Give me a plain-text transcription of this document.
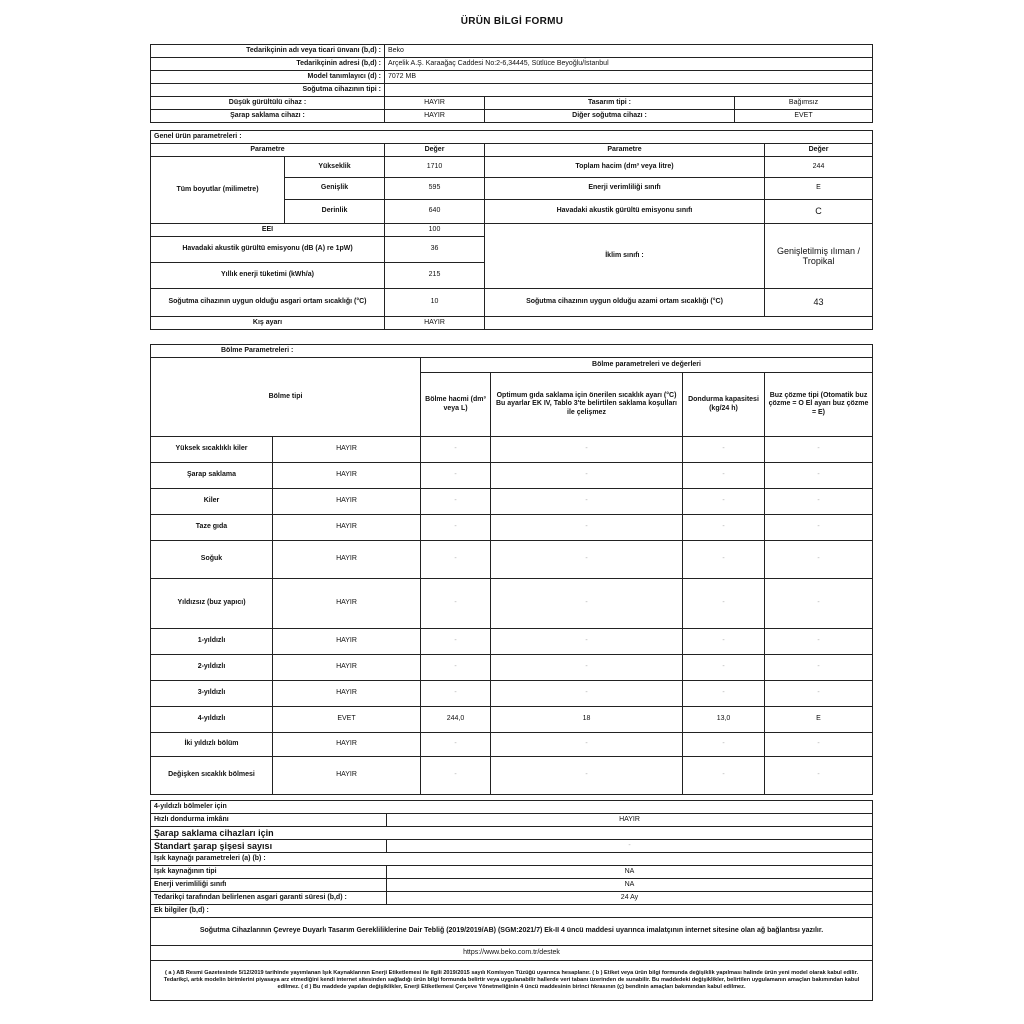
ÜRÜN BİLGİ FORMU
Tedarikçinin adı veya ticari ünvanı (b,d) :	Beko		
Tedarikçinin adresi (b,d) :	Arçelik A.Ş. Karaağaç Caddesi No:2-6,34445, Sütlüce Beyoğlu/İstanbul		
Model tanımlayıcı (d) :	7072 MB		
Soğutma cihazının tipi :			
Düşük gürültülü cihaz :	HAYIR	Tasarım tipi :	Bağımsız
Şarap saklama cihazı :	HAYIR	Diğer soğutma cihazı :	EVET
Genel ürün parametreleri :				
Parametre		Değer	Parametre	Değer
Tüm boyutlar (milimetre)	Yükseklik	1710	Toplam hacim (dm³ veya litre)	244
	Genişlik	595	Enerji verimliliği sınıfı	E
	Derinlik	640	Havadaki akustik gürültü emisyonu sınıfı	C
EEI		100	İklim sınıfı :	Genişletilmiş ılıman /
Tropikal
Havadaki akustik gürültü emisyonu (dB (A) re 1pW)		36		
Yıllık enerji tüketimi (kWh/a)		215		
Soğutma cihazının uygun olduğu asgari ortam sıcaklığı (°C)		10	Soğutma cihazının uygun olduğu azami ortam sıcaklığı (°C)	43
Kış ayarı		HAYIR		
Bölme Parametreleri :					
Bölme tipi		Bölme parametreleri ve değerleri			
		Bölme hacmi (dm³ veya L)	Optimum gıda saklama için önerilen sıcaklık ayarı (°C) Bu ayarlar EK IV, Tablo 3'te belirtilen saklama koşulları ile çelişmez	Dondurma kapasitesi (kg/24 h)	Buz çözme tipi (Otomatik buz çözme = O El ayarı buz çözme = E)
Yüksek sıcaklıklı kiler	HAYIR	-	-	-	-
Şarap saklama	HAYIR	-	-	-	-
Kiler	HAYIR	-	-	-	-
Taze gıda	HAYIR	-	-	-	-
Soğuk	HAYIR	-	-	-	-
Yıldızsız (buz yapıcı)	HAYIR	-	-	-	-
1-yıldızlı	HAYIR	-	-	-	-
2-yıldızlı	HAYIR	-	-	-	-
3-yıldızlı	HAYIR	-	-	-	-
4-yıldızlı	EVET	244,0	18	13,0	E
İki yıldızlı bölüm	HAYIR	-	-	-	-
Değişken sıcaklık bölmesi	HAYIR	-	-	-	-
4-yıldızlı bölmeler için	
Hızlı dondurma imkânı	HAYIR
Şarap saklama cihazları için	
Standart şarap şişesi sayısı	-
Işık kaynağı parametreleri (a) (b) :	
Işık kaynağının tipi	NA
Enerji verimliliği sınıfı	NA
Tedarikçi tarafından belirlenen asgari garanti süresi (b,d) :	24 Ay
Ek bilgiler (b,d) :	
Soğutma Cihazlarının Çevreye Duyarlı Tasarım Gerekliliklerine Dair Tebliğ (2019/2019/AB) (SGM:2021/7) Ek-II 4 üncü maddesi uyarınca imalatçının internet sitesine olan ağ bağlantısı yazılır.	
https://www.beko.com.tr/destek	
( a ) AB Resmi Gazetesinde 5/12/2019 tarihinde yayımlanan Işık Kaynaklarının Enerji Etiketlemesi ile ilgili 2019/2015 sayılı Komisyon Tüzüğü uyarınca hesaplanır. ( b ) Etiket veya ürün bilgi formunda değişiklik yapılması halinde ürün yeni model olarak kabul edilir. Tedarikçi, artık modelin birimlerini piyasaya arz etmediğini kendi internet sitesinden sağladığı ürün bilgi formunda belirtir veya uygulanabilir hallerde veri tabanı üzerinden de sunabilir. Bu maddedeki değişiklikler, belirtilen uygulamanın amaçları bakımından kabul edilmez. ( d ) Bu maddede yapılan değişiklikler, Enerji Etiketlemesi Çerçeve Yönetmeliğinin 4 üncü maddesinin birinci fıkrasının (ç) bendinin amaçları bakımından kabul edilmez.	
